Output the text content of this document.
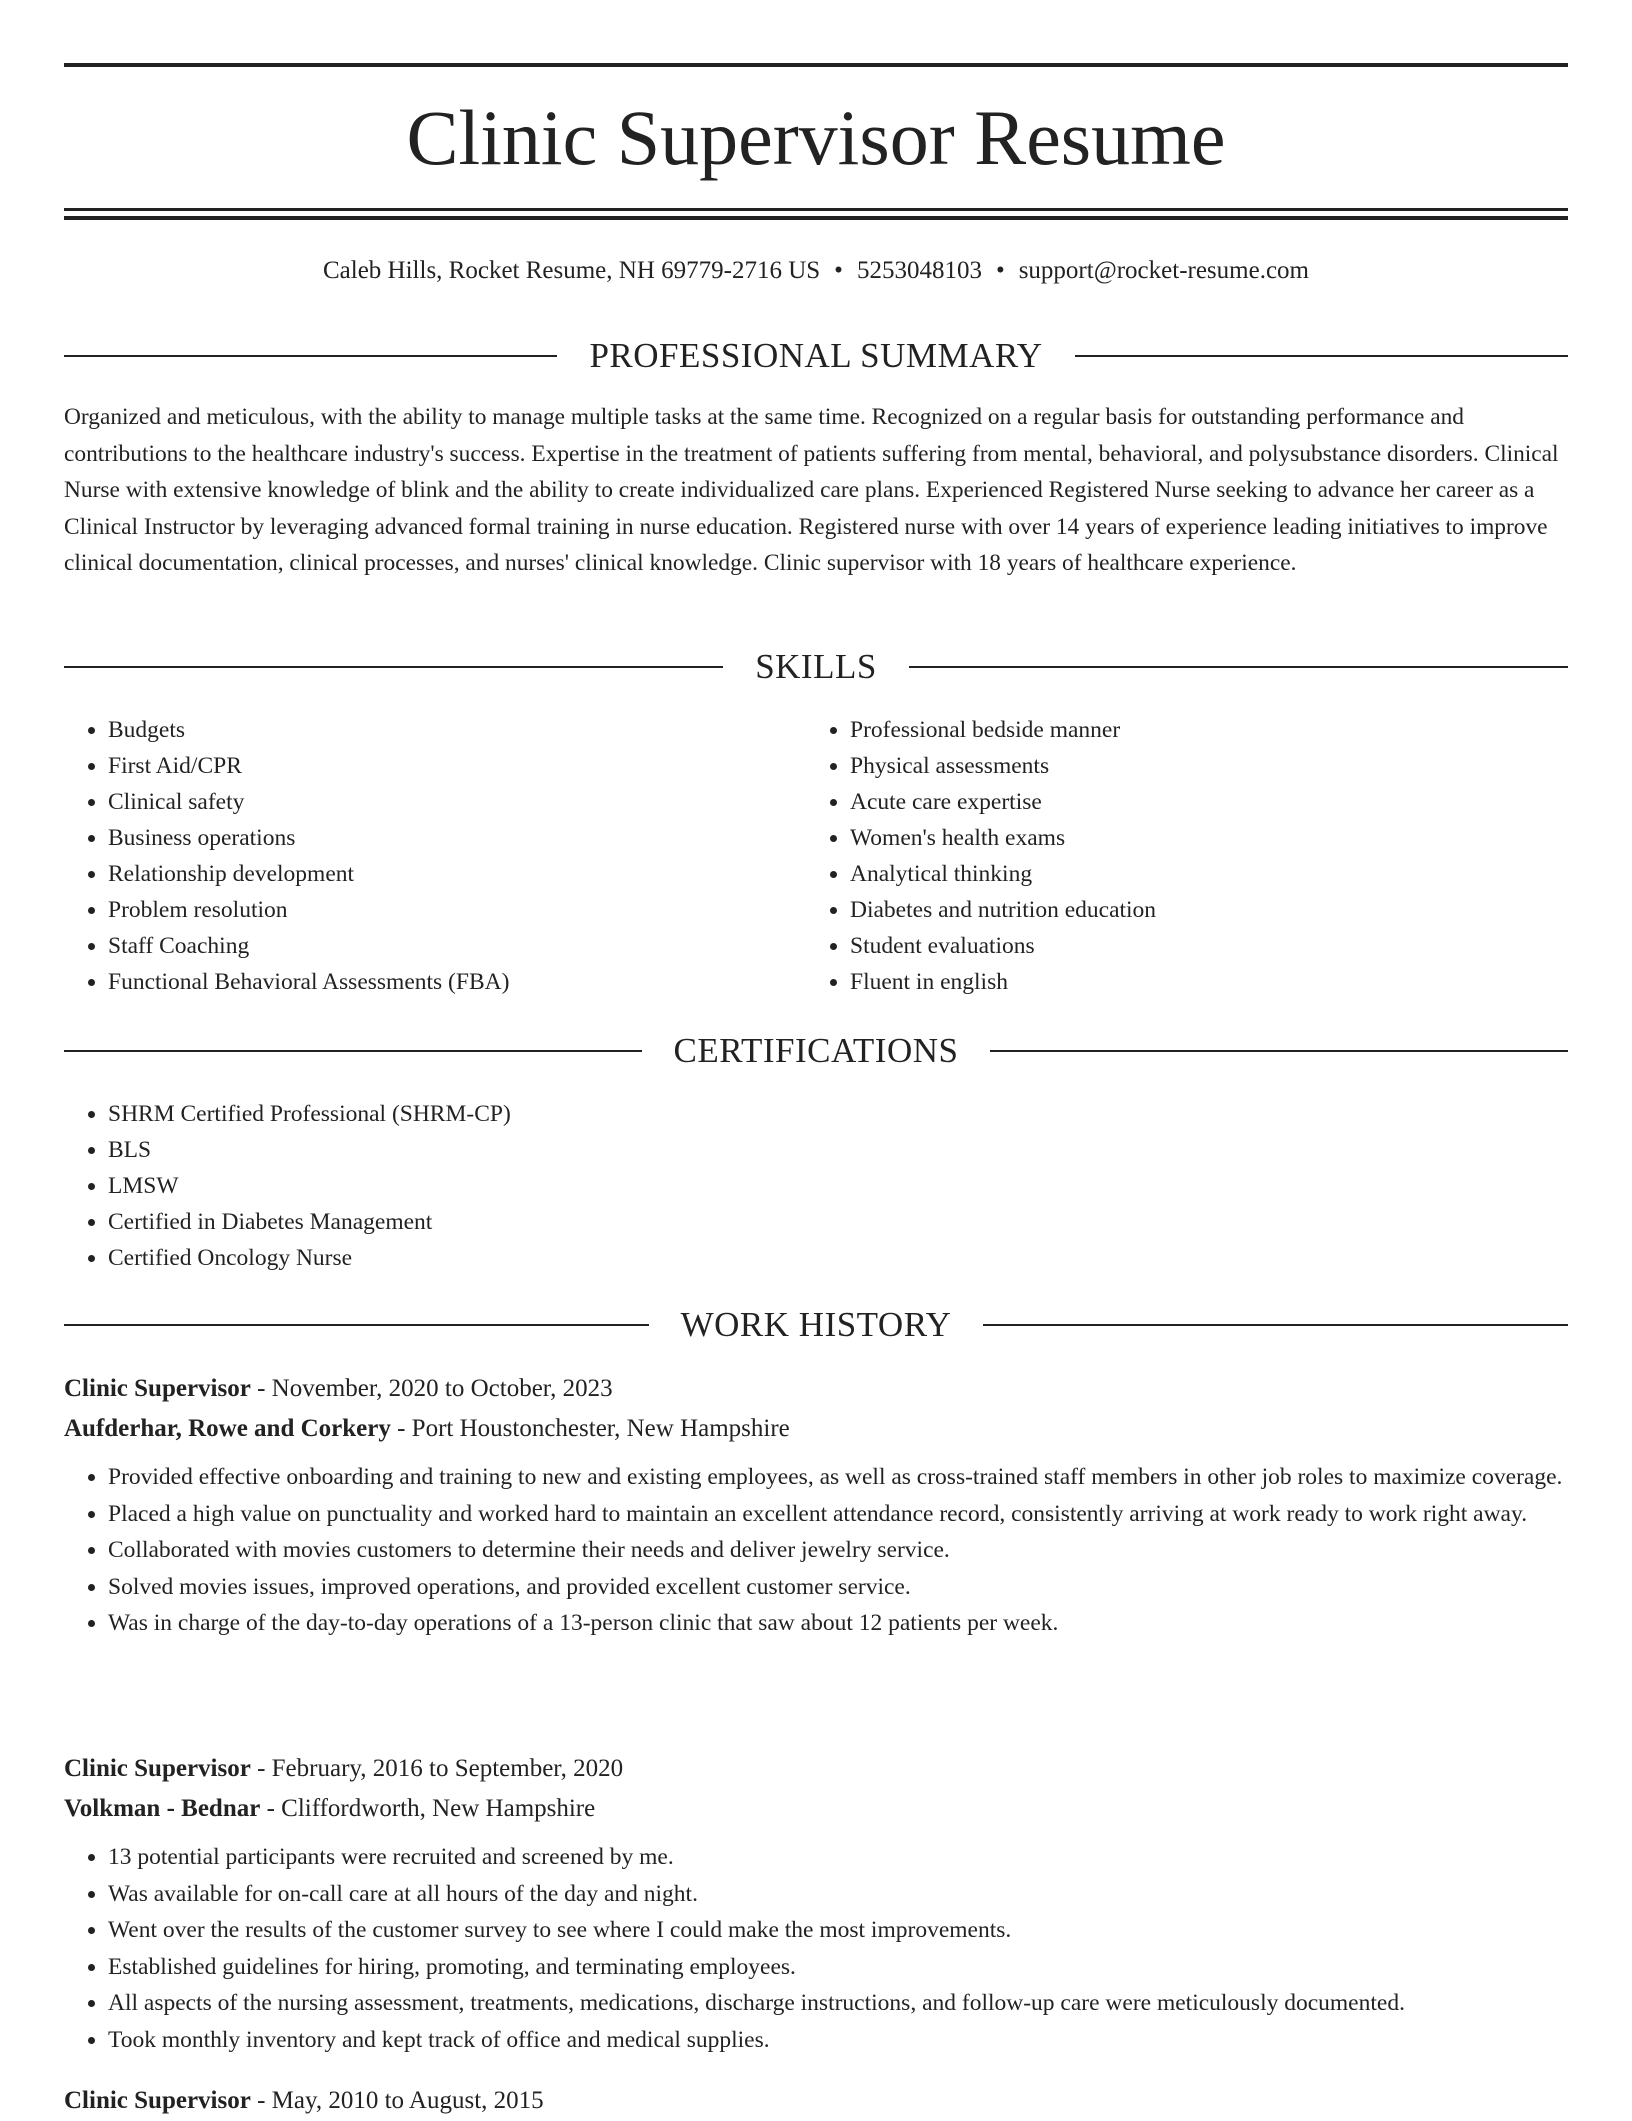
Clinic Supervisor Resume
Caleb Hills, Rocket Resume, NH 69779-2716 US • 5253048103 • support@rocket-resume.com
PROFESSIONAL SUMMARY

Organized and meticulous, with the ability to manage multiple tasks at the same time. Recognized on a regular basis for outstanding performance and contributions to the healthcare industry's success. Expertise in the treatment of patients suffering from mental, behavioral, and polysubstance disorders. Clinical Nurse with extensive knowledge of blink and the ability to create individualized care plans. Experienced Registered Nurse seeking to advance her career as a Clinical Instructor by leveraging advanced formal training in nurse education. Registered nurse with over 14 years of experience leading initiatives to improve clinical documentation, clinical processes, and nurses' clinical knowledge. Clinic supervisor with 18 years of healthcare experience.

SKILLS
• Budgets
• First Aid/CPR
• Clinical safety
• Business operations
• Relationship development
• Problem resolution
• Staff Coaching
• Functional Behavioral Assessments (FBA)
• Professional bedside manner
• Physical assessments
• Acute care expertise
• Women's health exams
• Analytical thinking
• Diabetes and nutrition education
• Student evaluations
• Fluent in english
CERTIFICATIONS
• SHRM Certified Professional (SHRM-CP)
• BLS
• LMSW
• Certified in Diabetes Management
• Certified Oncology Nurse
WORK HISTORY

Clinic Supervisor - November, 2020 to October, 2023

Aufderhar, Rowe and Corkery - Port Houstonchester, New Hampshire

• Provided effective onboarding and training to new and existing employees, as well as cross-trained staff members in other job roles to maximize coverage.
• Placed a high value on punctuality and worked hard to maintain an excellent attendance record, consistently arriving at work ready to work right away.
• Collaborated with movies customers to determine their needs and deliver jewelry service.
• Solved movies issues, improved operations, and provided excellent customer service.
• Was in charge of the day-to-day operations of a 13-person clinic that saw about 12 patients per week.

Clinic Supervisor - February, 2016 to September, 2020

Volkman - Bednar - Cliffordworth, New Hampshire

• 13 potential participants were recruited and screened by me.
• Was available for on-call care at all hours of the day and night.
• Went over the results of the customer survey to see where I could make the most improvements.
• Established guidelines for hiring, promoting, and terminating employees.
• All aspects of the nursing assessment, treatments, medications, discharge instructions, and follow-up care were meticulously documented.
• Took monthly inventory and kept track of office and medical supplies.

Clinic Supervisor - May, 2010 to August, 2015
